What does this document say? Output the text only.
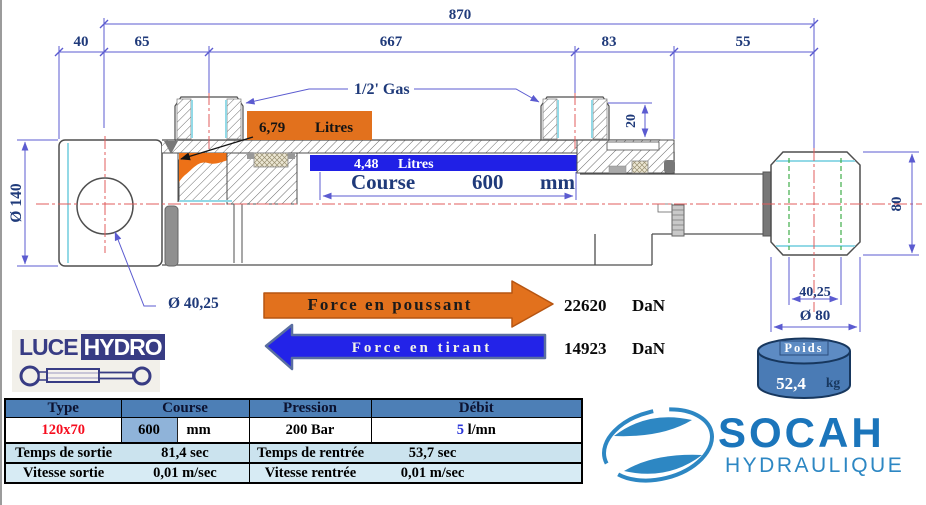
870
40	65	667	83	55
Ø 140
1/2' Gas
20
80
40,25
Ø 80
Ø 40,25
Course	600 mm
6,79 Litres
4,48 Litres
Force en poussant	22620 DaN
Force en tirant	14923 DaN	Poids
52,4 kg
SOCAH
HYDRAULIQUE
LUCE HYDRO
Type	Course	Pression	Débit
120x70	600 mm	200 Bar	5 l/mn

Temps de sortie 81,4 sec		Temps de rentrée 53,7 sec	

Vitesse sortie 0,01 m/sec		Vitesse rentrée 0,01 m/sec	
